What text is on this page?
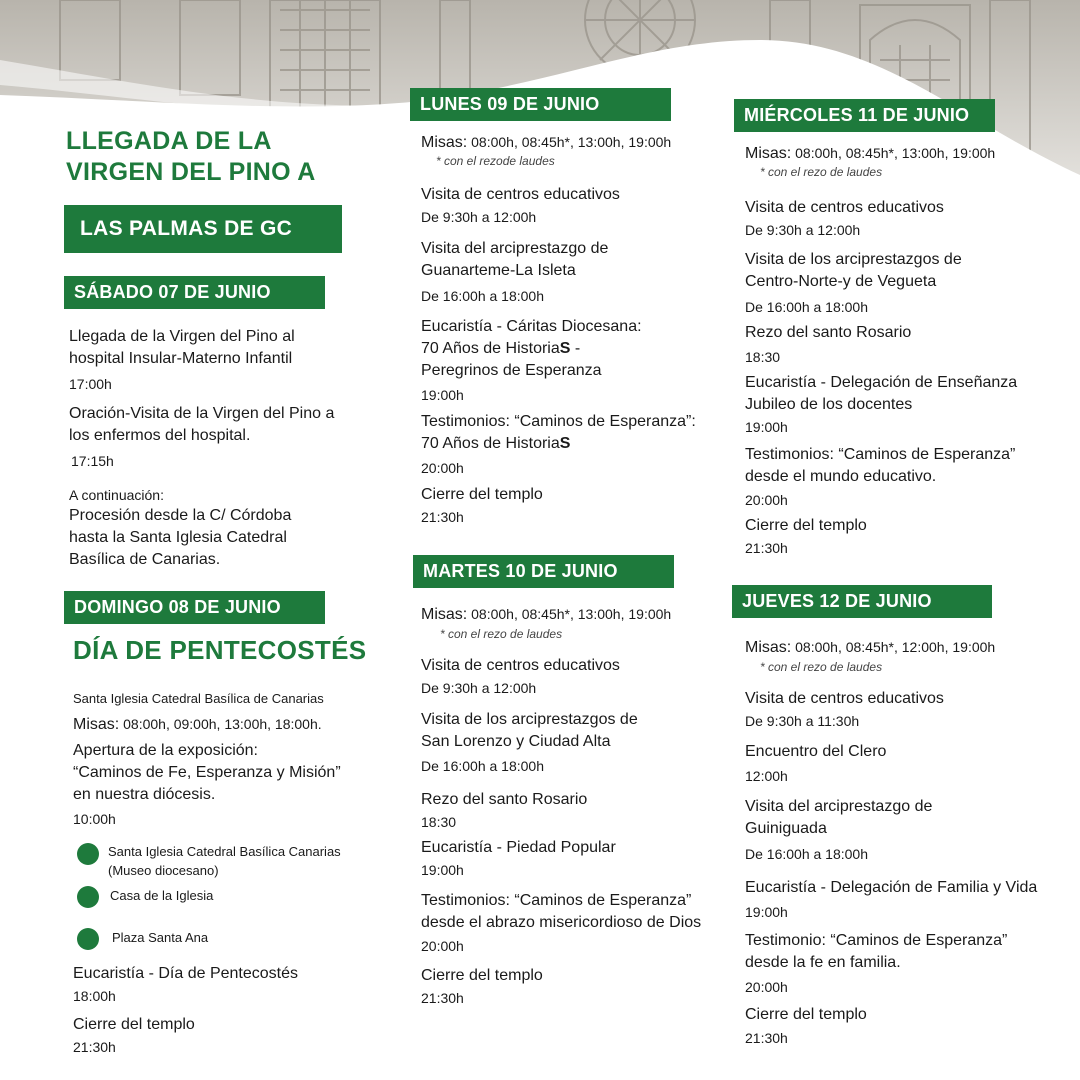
LLEGADA DE LA
VIRGEN DEL PINO A
LAS PALMAS DE GC
SÁBADO 07 DE JUNIO
Llegada de la Virgen del Pino al
hospital Insular-Materno Infantil
17:00h
Oración-Visita de la Virgen del Pino a
los enfermos del hospital.
17:15h
A continuación:
Procesión desde la C/ Córdoba
hasta la Santa Iglesia Catedral
Basílica de Canarias.
DOMINGO 08 DE JUNIO
DÍA DE PENTECOSTÉS
Santa Iglesia Catedral Basílica de Canarias
Misas: 08:00h, 09:00h, 13:00h, 18:00h.
Apertura de la exposición:
“Caminos de Fe, Esperanza y Misión”
en nuestra diócesis.
10:00h
Santa Iglesia Catedral Basílica Canarias
(Museo diocesano)
Casa de la Iglesia
Plaza Santa Ana
Eucaristía - Día de Pentecostés
18:00h
Cierre del templo
21:30h
LUNES 09 DE JUNIO
Misas: 08:00h, 08:45h*, 13:00h, 19:00h
* con el rezode laudes
Visita de centros educativos
De 9:30h a 12:00h
Visita del arciprestazgo de
Guanarteme-La Isleta
De 16:00h a 18:00h
Eucaristía - Cáritas Diocesana:
70 Años de HistoriaS -
Peregrinos de Esperanza
19:00h
Testimonios: “Caminos de Esperanza”:
70 Años de HistoriaS
20:00h
Cierre del templo
21:30h
MARTES 10 DE JUNIO
Misas: 08:00h, 08:45h*, 13:00h, 19:00h
* con el rezo de laudes
Visita de centros educativos
De 9:30h a 12:00h
Visita de los arciprestazgos de
San Lorenzo y Ciudad Alta
De 16:00h a 18:00h
Rezo del santo Rosario
18:30
Eucaristía - Piedad Popular
19:00h
Testimonios: “Caminos de Esperanza”
desde el abrazo misericordioso de Dios
20:00h
Cierre del templo
21:30h
MIÉRCOLES 11 DE JUNIO
Misas: 08:00h, 08:45h*, 13:00h, 19:00h
* con el rezo de laudes
Visita de centros educativos
De 9:30h a 12:00h
Visita de los arciprestazgos de
Centro-Norte-y de Vegueta
De 16:00h a 18:00h
Rezo del santo Rosario
18:30
Eucaristía - Delegación de Enseñanza
Jubileo de los docentes
19:00h
Testimonios: “Caminos de Esperanza”
desde el mundo educativo.
20:00h
Cierre del templo
21:30h
JUEVES 12 DE JUNIO
Misas: 08:00h, 08:45h*, 12:00h, 19:00h
* con el rezo de laudes
Visita de centros educativos
De 9:30h a 11:30h
Encuentro del Clero
12:00h
Visita del arciprestazgo de
Guiniguada
De 16:00h a 18:00h
Eucaristía - Delegación de Familia y Vida
19:00h
Testimonio: “Caminos de Esperanza”
desde la fe en familia.
20:00h
Cierre del templo
21:30h
